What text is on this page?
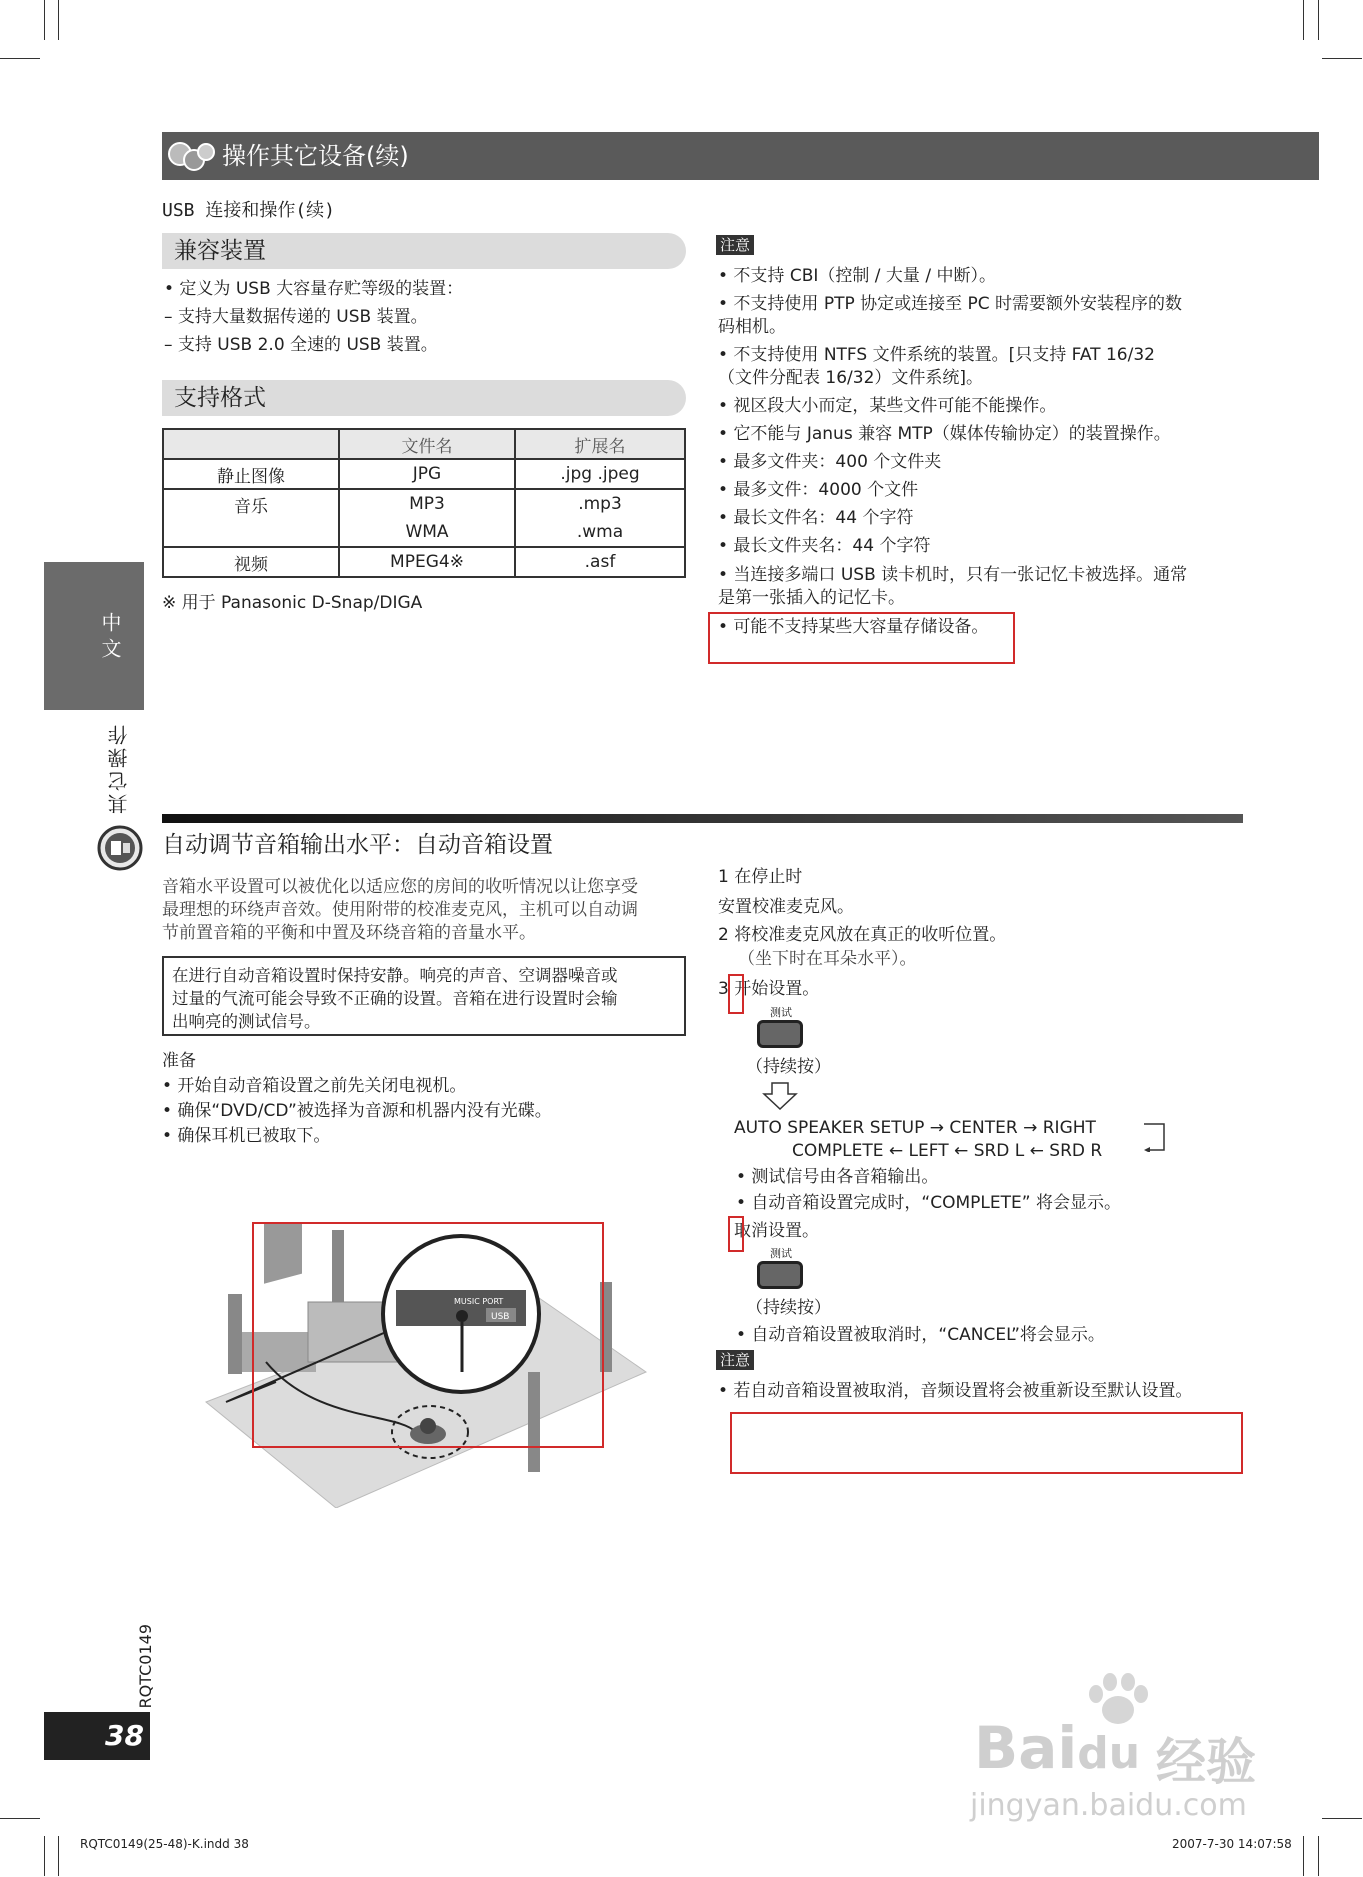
操作其它设备(续)
USB 连接和操作(续)
兼容装置
• 定义为 USB 大容量存贮等级的装置：
– 支持大量数据传递的 USB 装置。
– 支持 USB 2.0 全速的 USB 装置。
支持格式
	文件名	扩展名
静止图像	JPG	.jpg .jpeg
音乐	MP3	.mp3
	WMA	.wma
视频	MPEG4※	.asf
※ 用于 Panasonic D-Snap/DIGA
注意
• 不支持 CBI（控制 / 大量 / 中断）。
• 不支持使用 PTP 协定或连接至 PC 时需要额外安装程序的数
码相机。
• 不支持使用 NTFS 文件系统的装置。[只支持 FAT 16/32
（文件分配表 16/32）文件系统]。
• 视区段大小而定，某些文件可能不能操作。
• 它不能与 Janus 兼容 MTP（媒体传输协定）的装置操作。
• 最多文件夹：400 个文件夹
• 最多文件：4000 个文件
• 最长文件名：44 个字符
• 最长文件夹名：44 个字符
• 当连接多端口 USB 读卡机时，只有一张记忆卡被选择。通常
是第一张插入的记忆卡。
• 可能不支持某些大容量存储设备。
中文
其它操作
RQTC0149
38
自动调节音箱输出水平：自动音箱设置
音箱水平设置可以被优化以适应您的房间的收听情况以让您享受
最理想的环绕声音效。使用附带的校准麦克风，主机可以自动调
节前置音箱的平衡和中置及环绕音箱的音量水平。
在进行自动音箱设置时保持安静。响亮的声音、空调器噪音或
过量的气流可能会导致不正确的设置。音箱在进行设置时会输
出响亮的测试信号。
准备
• 开始自动音箱设置之前先关闭电视机。
• 确保“DVD/CD”被选择为音源和机器内没有光碟。
• 确保耳机已被取下。
MUSIC PORT
USB
1 在停止时
安置校准麦克风。
2 将校准麦克风放在真正的收听位置。
（坐下时在耳朵水平）。
3 开始设置。
测试
（持续按）
AUTO SPEAKER SETUP → CENTER → RIGHT
COMPLETE ← LEFT ← SRD L ← SRD R
• 测试信号由各音箱输出。
• 自动音箱设置完成时，“COMPLETE” 将会显示。
取消设置。
测试
（持续按）
• 自动音箱设置被取消时，“CANCEL”将会显示。
注意
• 若自动音箱设置被取消，音频设置将会被重新设至默认设置。
RQTC0149(25-48)-K.indd 38	2007-7-30 14:07:58
Baidu 经验
jingyan.baidu.com
